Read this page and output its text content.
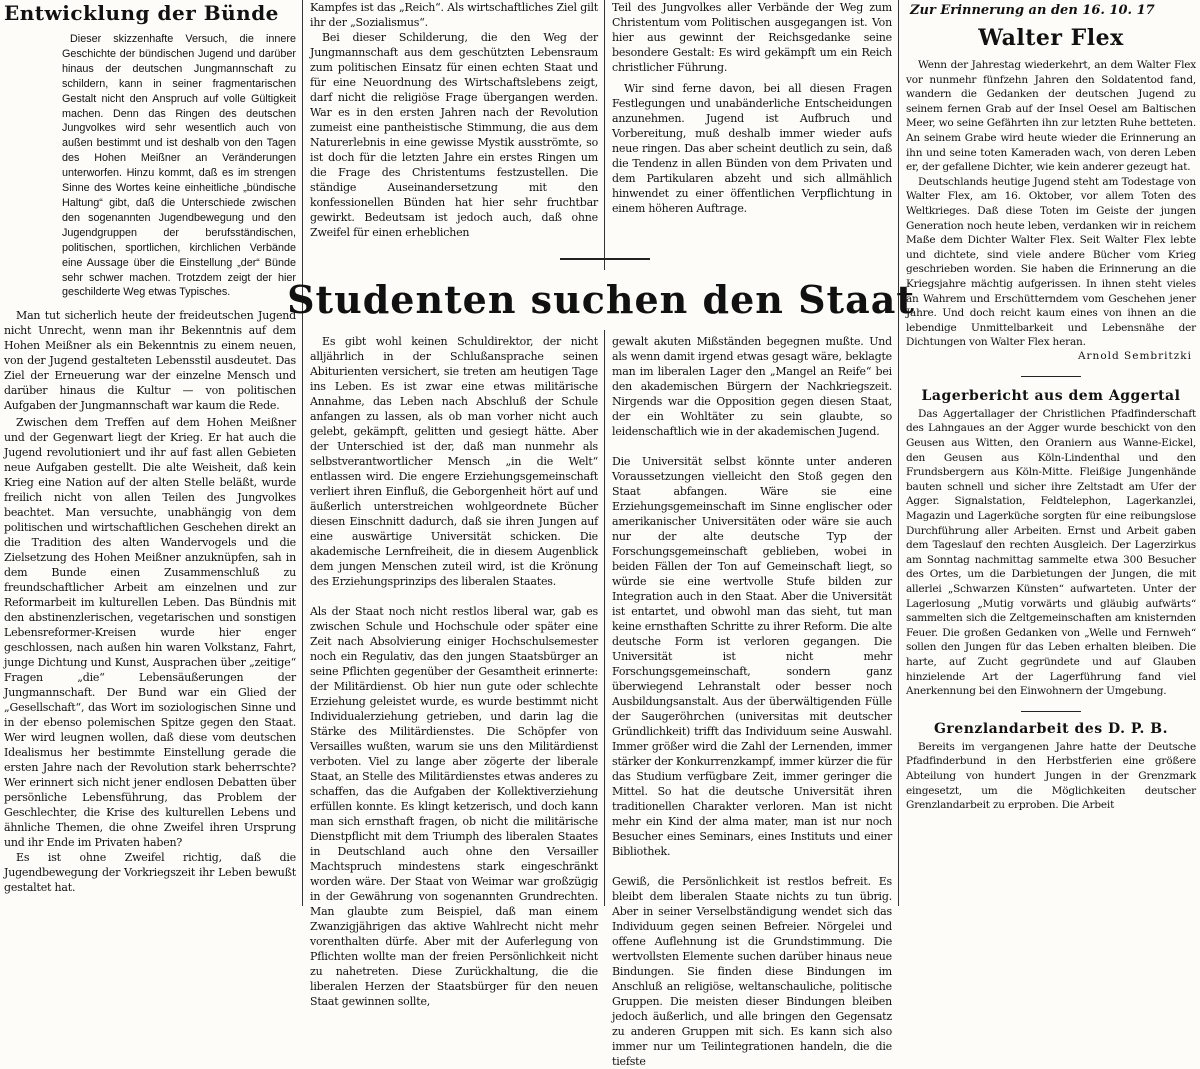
Entwicklung der Bünde
Dieser skizzenhafte Versuch, die innere Geschichte der bündischen Jugend und darüber hinaus der deutschen Jungmannschaft zu schildern, kann in seiner fragmentarischen Gestalt nicht den Anspruch auf volle Gültigkeit machen. Denn das Ringen des deutschen Jungvolkes wird sehr wesentlich auch von außen bestimmt und ist deshalb von den Tagen des Hohen Meißner an Veränderungen unterworfen. Hinzu kommt, daß es im strengen Sinne des Wortes keine einheitliche „bündische Haltung“ gibt, daß die Unterschiede zwischen den sogenannten Jugendbewegung und den Jugendgruppen der berufsständischen, politischen, sportlichen, kirchlichen Verbände eine Aussage über die Einstellung „der“ Bünde sehr schwer machen. Trotzdem zeigt der hier geschilderte Weg etwas Typisches.
Man tut sicherlich heute der freideutschen Jugend nicht Unrecht, wenn man ihr Bekenntnis auf dem Hohen Meißner als ein Bekenntnis zu einem neuen, von der Jugend gestalteten Lebensstil ausdeutet. Das Ziel der Erneuerung war der einzelne Mensch und darüber hinaus die Kultur — von politischen Aufgaben der Jungmannschaft war kaum die Rede.
Zwischen dem Treffen auf dem Hohen Meißner und der Gegenwart liegt der Krieg. Er hat auch die Jugend revolutioniert und ihr auf fast allen Gebieten neue Aufgaben gestellt. Die alte Weisheit, daß kein Krieg eine Nation auf der alten Stelle beläßt, wurde freilich nicht von allen Teilen des Jungvolkes beachtet. Man versuchte, unabhängig von dem politischen und wirtschaftlichen Geschehen direkt an die Tradition des alten Wandervogels und die Zielsetzung des Hohen Meißner anzuknüpfen, sah in dem Bunde einen Zusammenschluß zu freundschaftlicher Arbeit am einzelnen und zur Reformarbeit im kulturellen Leben. Das Bündnis mit den abstinenzlerischen, vegetarischen und sonstigen Lebensreformer-Kreisen wurde hier enger geschlossen, nach außen hin waren Volkstanz, Fahrt, junge Dichtung und Kunst, Ausprachen über „zeitige“ Fragen „die“ Lebensäußerungen der Jungmannschaft. Der Bund war ein Glied der „Gesellschaft“, das Wort im soziologischen Sinne und in der ebenso polemischen Spitze gegen den Staat. Wer wird leugnen wollen, daß diese vom deutschen Idealismus her bestimmte Einstellung gerade die ersten Jahre nach der Revolution stark beherrschte? Wer erinnert sich nicht jener endlosen Debatten über persönliche Lebensführung, das Problem der Geschlechter, die Krise des kulturellen Lebens und ähnliche Themen, die ohne Zweifel ihren Ursprung und ihr Ende im Privaten haben?
Es ist ohne Zweifel richtig, daß die Jugendbewegung der Vorkriegszeit ihr Leben bewußt gestaltet hat.
Kampfes ist das „Reich“. Als wirtschaftliches Ziel gilt ihr der „Sozialismus“.
Bei dieser Schilderung, die den Weg der Jungmannschaft aus dem geschützten Lebensraum zum politischen Einsatz für einen echten Staat und für eine Neuordnung des Wirtschaftslebens zeigt, darf nicht die religiöse Frage übergangen werden. War es in den ersten Jahren nach der Revolution zumeist eine pantheistische Stimmung, die aus dem Naturerlebnis in eine gewisse Mystik ausströmte, so ist doch für die letzten Jahre ein erstes Ringen um die Frage des Christentums festzustellen. Die ständige Auseinandersetzung mit den konfessionellen Bünden hat hier sehr fruchtbar gewirkt. Bedeutsam ist jedoch auch, daß ohne Zweifel für einen erheblichen
Teil des Jungvolkes aller Verbände der Weg zum Christentum vom Politischen ausgegangen ist. Von hier aus gewinnt der Reichsgedanke seine besondere Gestalt: Es wird gekämpft um ein Reich christlicher Führung.
Wir sind ferne davon, bei all diesen Fragen Festlegungen und unabänderliche Entscheidungen anzunehmen. Jugend ist Aufbruch und Vorbereitung, muß deshalb immer wieder aufs neue ringen. Das aber scheint deutlich zu sein, daß die Tendenz in allen Bünden von dem Privaten und dem Partikularen abzeht und sich allmählich hinwendet zu einer öffentlichen Verpflichtung in einem höheren Auftrage.
Studenten suchen den Staat
Es gibt wohl keinen Schuldirektor, der nicht alljährlich in der Schlußansprache seinen Abiturienten versichert, sie treten am heutigen Tage ins Leben. Es ist zwar eine etwas militärische Annahme, das Leben nach Abschluß der Schule anfangen zu lassen, als ob man vorher nicht auch gelebt, gekämpft, gelitten und gesiegt hätte. Aber der Unterschied ist der, daß man nunmehr als selbstverantwortlicher Mensch „in die Welt“ entlassen wird. Die engere Erziehungsgemeinschaft verliert ihren Einfluß, die Geborgenheit hört auf und äußerlich unterstreichen wohlgeordnete Bücher diesen Einschnitt dadurch, daß sie ihren Jungen auf eine auswärtige Universität schicken. Die akademische Lernfreiheit, die in diesem Augenblick dem jungen Menschen zuteil wird, ist die Krönung des Erziehungsprinzips des liberalen Staates.

Als der Staat noch nicht restlos liberal war, gab es zwischen Schule und Hochschule oder später eine Zeit nach Absolvierung einiger Hochschulsemester noch ein Regulativ, das den jungen Staatsbürger an seine Pflichten gegenüber der Gesamtheit erinnerte: der Militärdienst. Ob hier nun gute oder schlechte Erziehung geleistet wurde, es wurde bestimmt nicht Individualerziehung getrieben, und darin lag die Stärke des Militärdienstes. Die Schöpfer von Versailles wußten, warum sie uns den Militärdienst verboten. Viel zu lange aber zögerte der liberale Staat, an Stelle des Militärdienstes etwas anderes zu schaffen, das die Aufgaben der Kollektiverziehung erfüllen konnte. Es klingt ketzerisch, und doch kann man sich ernsthaft fragen, ob nicht die militärische Dienstpflicht mit dem Triumph des liberalen Staates in Deutschland auch ohne den Versailler Machtspruch mindestens stark eingeschränkt worden wäre. Der Staat von Weimar war großzügig in der Gewährung von sogenannten Grundrechten. Man glaubte zum Beispiel, daß man einem Zwanzigjährigen das aktive Wahlrecht nicht mehr vorenthalten dürfe. Aber mit der Auferlegung von Pflichten wollte man der freien Persönlichkeit nicht zu nahetreten. Diese Zurückhaltung, die die liberalen Herzen der Staatsbürger für den neuen Staat gewinnen sollte,
gewalt akuten Mißständen begegnen mußte. Und als wenn damit irgend etwas gesagt wäre, beklagte man im liberalen Lager den „Mangel an Reife“ bei den akademischen Bürgern der Nachkriegszeit. Nirgends war die Opposition gegen diesen Staat, der ein Wohltäter zu sein glaubte, so leidenschaftlich wie in der akademischen Jugend.

Die Universität selbst könnte unter anderen Voraussetzungen vielleicht den Stoß gegen den Staat abfangen. Wäre sie eine Erziehungsgemeinschaft im Sinne englischer oder amerikanischer Universitäten oder wäre sie auch nur der alte deutsche Typ der Forschungsgemeinschaft geblieben, wobei in beiden Fällen der Ton auf Gemeinschaft liegt, so würde sie eine wertvolle Stufe bilden zur Integration auch in den Staat. Aber die Universität ist entartet, und obwohl man das sieht, tut man keine ernsthaften Schritte zu ihrer Reform. Die alte deutsche Form ist verloren gegangen. Die Universität ist nicht mehr Forschungsgemeinschaft, sondern ganz überwiegend Lehranstalt oder besser noch Ausbildungsanstalt. Aus der überwältigenden Fülle der Saugeröhrchen (universitas mit deutscher Gründlichkeit) trifft das Individuum seine Auswahl. Immer größer wird die Zahl der Lernenden, immer stärker der Konkurrenzkampf, immer kürzer die für das Studium verfügbare Zeit, immer geringer die Mittel. So hat die deutsche Universität ihren traditionellen Charakter verloren. Man ist nicht mehr ein Kind der alma mater, man ist nur noch Besucher eines Seminars, eines Instituts und einer Bibliothek.

Gewiß, die Persönlichkeit ist restlos befreit. Es bleibt dem liberalen Staate nichts zu tun übrig. Aber in seiner Verselbständigung wendet sich das Individuum gegen seinen Befreier. Nörgelei und offene Auflehnung ist die Grundstimmung. Die wertvollsten Elemente suchen darüber hinaus neue Bindungen. Sie finden diese Bindungen im Anschluß an religiöse, weltanschauliche, politische Gruppen. Die meisten dieser Bindungen bleiben jedoch äußerlich, und alle bringen den Gegensatz zu anderen Gruppen mit sich. Es kann sich also immer nur um Teilintegrationen handeln, die die tiefste
Zur Erinnerung an den 16. 10. 17
Walter Flex
Wenn der Jahrestag wiederkehrt, an dem Walter Flex vor nunmehr fünfzehn Jahren den Soldatentod fand, wandern die Gedanken der deutschen Jugend zu seinem fernen Grab auf der Insel Oesel am Baltischen Meer, wo seine Gefährten ihn zur letzten Ruhe betteten. An seinem Grabe wird heute wieder die Erinnerung an ihn und seine toten Kameraden wach, von deren Leben er, der gefallene Dichter, wie kein anderer gezeugt hat.
Deutschlands heutige Jugend steht am Todestage von Walter Flex, am 16. Oktober, vor allem Toten des Weltkrieges. Daß diese Toten im Geiste der jungen Generation noch heute leben, verdanken wir in reichem Maße dem Dichter Walter Flex. Seit Walter Flex lebte und dichtete, sind viele andere Bücher vom Krieg geschrieben worden. Sie haben die Erinnerung an die Kriegsjahre mächtig aufgerissen. In ihnen steht vieles an Wahrem und Erschütterndem vom Geschehen jener Jahre. Und doch reicht kaum eines von ihnen an die lebendige Unmittelbarkeit und Lebensnähe der Dichtungen von Walter Flex heran.
Arnold Sembritzki
Lagerbericht aus dem Aggertal
Das Aggertallager der Christlichen Pfadfinderschaft des Lahngaues an der Agger wurde beschickt von den Geusen aus Witten, den Oraniern aus Wanne-Eickel, den Geusen aus Köln-Lindenthal und den Frundsbergern aus Köln-Mitte. Fleißige Jungenhände bauten schnell und sicher ihre Zeltstadt am Ufer der Agger. Signalstation, Feldtelephon, Lagerkanzlei, Magazin und Lagerküche sorgten für eine reibungslose Durchführung aller Arbeiten. Ernst und Arbeit gaben dem Tageslauf den rechten Ausgleich. Der Lagerzirkus am Sonntag nachmittag sammelte etwa 300 Besucher des Ortes, um die Darbietungen der Jungen, die mit allerlei „Schwarzen Künsten“ aufwarteten. Unter der Lagerlosung „Mutig vorwärts und gläubig aufwärts“ sammelten sich die Zeltgemeinschaften am knisternden Feuer. Die großen Gedanken von „Welle und Fernweh“ sollen den Jungen für das Leben erhalten bleiben. Die harte, auf Zucht gegründete und auf Glauben hinzielende Art der Lagerführung fand viel Anerkennung bei den Einwohnern der Umgebung.
Grenzlandarbeit des D. P. B.
Bereits im vergangenen Jahre hatte der Deutsche Pfadfinderbund in den Herbstferien eine größere Abteilung von hundert Jungen in der Grenzmark eingesetzt, um die Möglichkeiten deutscher Grenzlandarbeit zu erproben. Die Arbeit
